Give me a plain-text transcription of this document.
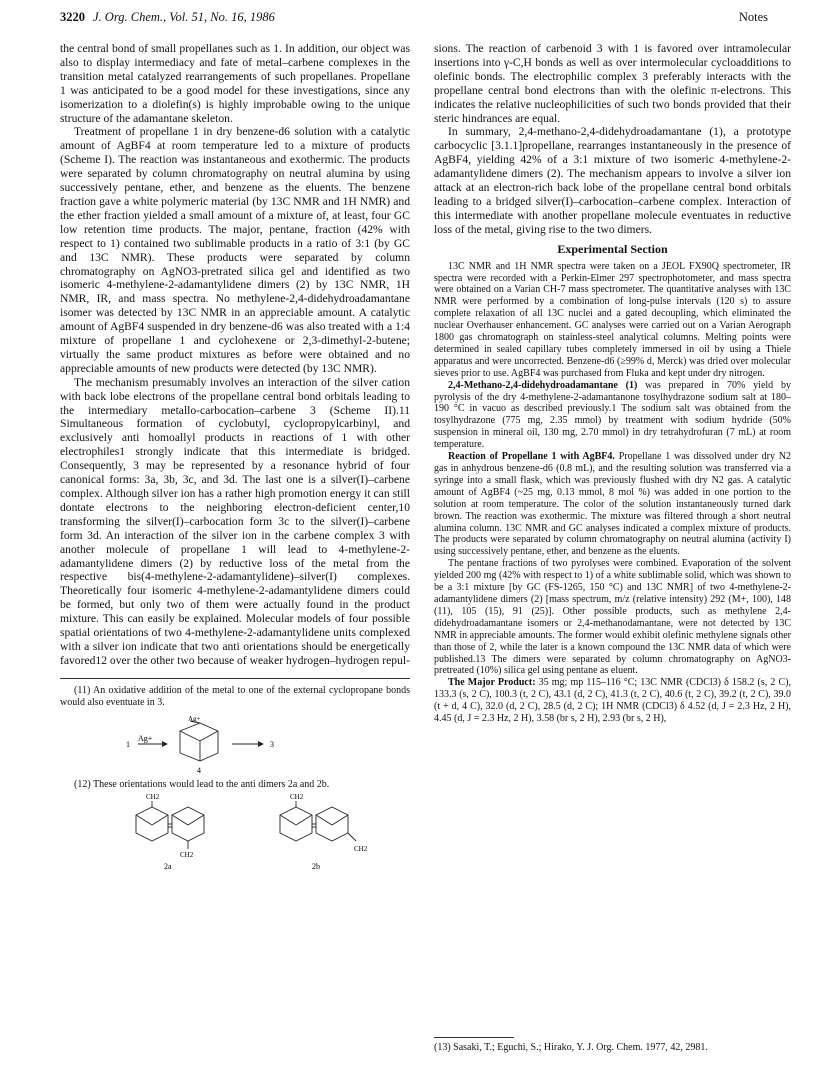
3220 J. Org. Chem., Vol. 51, No. 16, 1986	Notes

the central bond of small propellanes such as 1. In addition, our object was also to display intermediacy and fate of metal–carbene complexes in the transition metal catalyzed rearrangements of such propellanes. Propellane 1 was anticipated to be a good model for these investigations, since any isomerization to a diolefin(s) is highly improbable owing to the unique structure of the adamantane skeleton.

Treatment of propellane 1 in dry benzene-d6 solution with a catalytic amount of AgBF4 at room temperature led to a mixture of products (Scheme I). The reaction was instantaneous and exothermic. The products were separated by column chromatography on neutral alumina by using successively pentane, ether, and benzene as the eluents. The benzene fraction gave a white polymeric material (by 13C NMR and 1H NMR) and the ether fraction yielded a small amount of a mixture of, at least, four GC low retention time products. The major, pentane, fraction (42% with respect to 1) contained two sublimable products in a ratio of 3:1 (by GC and 13C NMR). These products were separated by column chromatography on AgNO3-pretrated silica gel and identified as two isomeric 4-methylene-2-adamantylidene dimers (2) by 13C NMR, 1H NMR, IR, and mass spectra. No methylene-2,4-didehydroadamantane isomer was detected by 13C NMR in an appreciable amount. A catalytic amount of AgBF4 suspended in dry benzene-d6 was also treated with a 1:4 mixture of propellane 1 and cyclohexene or 2,3-dimethyl-2-butene; virtually the same product mixtures as before were obtained and no appreciable amounts of new products were detected (by 13C NMR).

The mechanism presumably involves an interaction of the silver cation with back lobe electrons of the propellane central bond orbitals leading to the intermediary metallo-carbocation–carbene 3 (Scheme II).11 Simultaneous formation of cyclobutyl, cyclopropylcarbinyl, and exclusively anti homoallyl products in reactions of 1 with other electrophiles1 strongly indicate that this intermediate is bridged. Consequently, 3 may be represented by a resonance hybrid of four canonical forms: 3a, 3b, 3c, and 3d. The last one is a silver(I)–carbene complex. Although silver ion has a rather high promotion energy it can still dontate electrons to the neighboring electron-deficient center,10 transforming the silver(I)–carbocation form 3c to the silver(I)–carbene form 3d. An interaction of the silver ion in the carbene complex 3 with another molecule of propellane 1 will lead to 4-methylene-2-adamantylidene dimers (2) by reductive loss of the metal from the respective bis(4-methylene-2-adamantylidene)–silver(I) complexes. Theoretically four isomeric 4-methylene-2-adamantylidene dimers could be formed, but only two of them were actually found in the product mixture. This can easily be explained. Molecular models of four possible spatial orientations of two 4-methylene-2-adamantylidene units complexed with a silver ion indicate that two anti orientations should be energetically favored12 over the other two because of weaker hydrogen–hydrogen repul-

(11) An oxidative addition of the metal to one of the external cyclopropane bonds would also eventuate in 3.

1
Ag+
Ag+
4
3

(12) These orientations would lead to the anti dimers 2a and 2b.

CH2
CH2
2a
CH2
CH2
2b

sions. The reaction of carbenoid 3 with 1 is favored over intramolecular insertions into γ-C,H bonds as well as over intermolecular cycloadditions to olefinic bonds. The electrophilic complex 3 preferably interacts with the propellane central bond electrons than with the olefinic π-electrons. This indicates the relative nucleophilicities of such two bonds provided that their steric hindrances are equal.

In summary, 2,4-methano-2,4-didehydroadamantane (1), a prototype carbocyclic [3.1.1]propellane, rearranges instantaneously in the presence of AgBF4, yielding 42% of a 3:1 mixture of two isomeric 4-methylene-2-adamantylidene dimers (2). The mechanism appears to involve a silver ion attack at an electron-rich back lobe of the propellane central bond orbitals leading to a bridged silver(I)–carbocation–carbene complex. Interaction of this intermediate with another propellane molecule eventuates in reductive loss of the metal, giving rise to the two dimers.

Experimental Section

13C NMR and 1H NMR spectra were taken on a JEOL FX90Q spectrometer, IR spectra were recorded with a Perkin-Elmer 297 spectrophotometer, and mass spectra were obtained on a Varian CH-7 mass spectrometer. The quantitative analyses with 13C NMR were performed by a combination of long-pulse intervals (120 s) to assure complete relaxation of all 13C nuclei and a gated decoupling, which eliminated the nuclear Overhauser enhancement. GC analyses were carried out on a Varian Aerograph 1800 gas chromatograph on stainless-steel analytical columns. Melting points were determined in sealed capillary tubes completely immersed in oil by using a Thiele apparatus and were uncorrected. Benzene-d6 (≥99% d, Merck) was dried over molecular sieves prior to use. AgBF4 was purchased from Fluka and kept under dry nitrogen.

2,4-Methano-2,4-didehydroadamantane (1) was prepared in 70% yield by pyrolysis of the dry 4-methylene-2-adamantanone tosylhydrazone sodium salt at 180–190 °C in vacuo as described previously.1 The sodium salt was obtained from the tosylhydrazone (775 mg, 2.35 mmol) by treatment with sodium hydride (50% suspension in mineral oil, 130 mg, 2.70 mmol) in dry tetrahydrofuran (7 mL) at room temperature.

Reaction of Propellane 1 with AgBF4. Propellane 1 was dissolved under dry N2 gas in anhydrous benzene-d6 (0.8 mL), and the resulting solution was transferred via a syringe into a small flask, which was previously flushed with dry N2 gas. A catalytic amount of AgBF4 (~25 mg, 0.13 mmol, 8 mol %) was added in one portion to the solution at room temperature. The color of the solution instantaneously turned dark brown. The reaction was exothermic. The mixture was filtered through a short neutral alumina column. 13C NMR and GC analyses indicated a complex mixture of products. The products were separated by column chromatography on neutral alumina (activity I) using successively pentane, ether, and benzene as the eluents.

The pentane fractions of two pyrolyses were combined. Evaporation of the solvent yielded 200 mg (42% with respect to 1) of a white sublimable solid, which was shown to be a 3:1 mixture [by GC (FS-1265, 150 °C) and 13C NMR] of two 4-methylene-2-adamantylidene dimers (2) [mass spectrum, m/z (relative intensity) 292 (M+, 100), 148 (11), 105 (15), 91 (25)]. Other possible products, such as methylene 2,4-didehydroadamantane isomers or 2,4-methanodamantane, were not detected by 13C NMR in appreciable amounts. The former would exhibit olefinic methylene signals other than those of 2, while the later is a known compound the 13C NMR data of which were published.13 The dimers were separated by column chromatography on AgNO3-pretreated (10%) silica gel using pentane as eluent.

The Major Product: 35 mg; mp 115–116 °C; 13C NMR (CDCl3) δ 158.2 (s, 2 C), 133.3 (s, 2 C), 100.3 (t, 2 C), 43.1 (d, 2 C), 41.3 (t, 2 C), 40.6 (t, 2 C), 39.2 (t, 2 C), 39.0 (t + d, 4 C), 32.0 (d, 2 C), 28.5 (d, 2 C); 1H NMR (CDCl3) δ 4.52 (d, J = 2.3 Hz, 2 H), 4.45 (d, J = 2.3 Hz, 2 H), 3.58 (br s, 2 H), 2.93 (br s, 2 H),

(13) Sasaki, T.; Eguchi, S.; Hirako, Y. J. Org. Chem. 1977, 42, 2981.
